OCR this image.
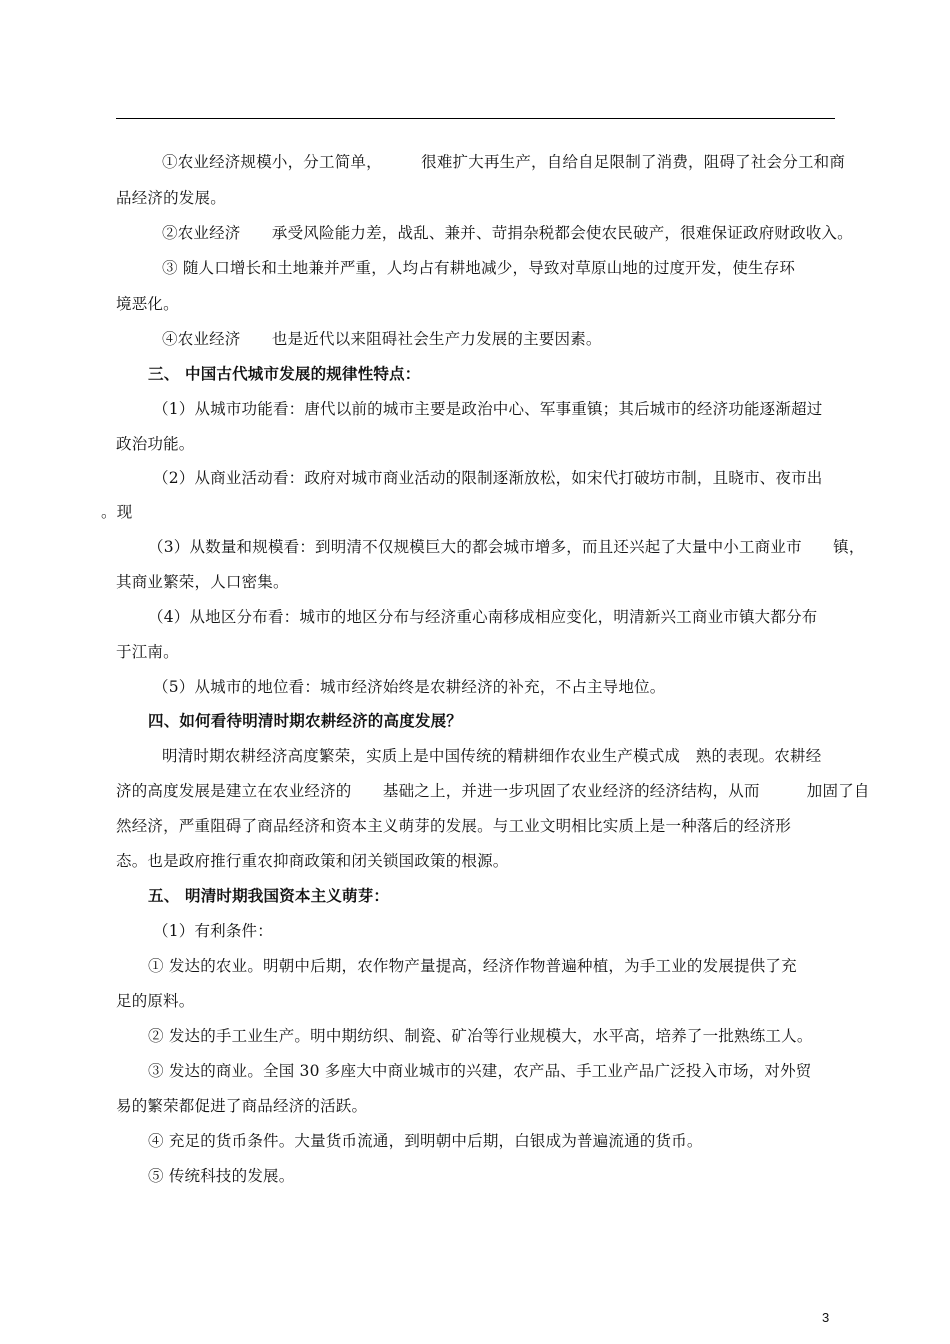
①农业经济规模小，分工简单，　　　很难扩大再生产，自给自足限制了消费，阻碍了社会分工和商
品经济的发展。
②农业经济　　承受风险能力差，战乱、兼并、苛捐杂税都会使农民破产，很难保证政府财政收入。
③ 随人口增长和土地兼并严重，人均占有耕地减少，导致对草原山地的过度开发，使生存环
境恶化。
④农业经济　　也是近代以来阻碍社会生产力发展的主要因素。
三、 中国古代城市发展的规律性特点：
（1）从城市功能看：唐代以前的城市主要是政治中心、军事重镇；其后城市的经济功能逐渐超过
政治功能。
（2）从商业活动看：政府对城市商业活动的限制逐渐放松，如宋代打破坊市制，且晓市、夜市出
。现
（3）从数量和规模看：到明清不仅规模巨大的都会城市增多，而且还兴起了大量中小工商业市　　镇，
其商业繁荣，人口密集。
（4）从地区分布看：城市的地区分布与经济重心南移成相应变化，明清新兴工商业市镇大都分布
于江南。
（5）从城市的地位看：城市经济始终是农耕经济的补充，不占主导地位。
四、如何看待明清时期农耕经济的高度发展？
明清时期农耕经济高度繁荣，实质上是中国传统的精耕细作农业生产模式成　熟的表现。农耕经
济的高度发展是建立在农业经济的　　基础之上，并进一步巩固了农业经济的经济结构，从而　　　加固了自
然经济，严重阻碍了商品经济和资本主义萌芽的发展。与工业文明相比实质上是一种落后的经济形
态。也是政府推行重农抑商政策和闭关锁国政策的根源。
五、 明清时期我国资本主义萌芽：
（1）有利条件：
① 发达的农业。明朝中后期，农作物产量提高，经济作物普遍种植，为手工业的发展提供了充
足的原料。
② 发达的手工业生产。明中期纺织、制瓷、矿冶等行业规模大，水平高，培养了一批熟练工人。
③ 发达的商业。全国 30 多座大中商业城市的兴建，农产品、手工业产品广泛投入市场，对外贸
易的繁荣都促进了商品经济的活跃。
④ 充足的货币条件。大量货币流通，到明朝中后期，白银成为普遍流通的货币。
⑤ 传统科技的发展。
3
